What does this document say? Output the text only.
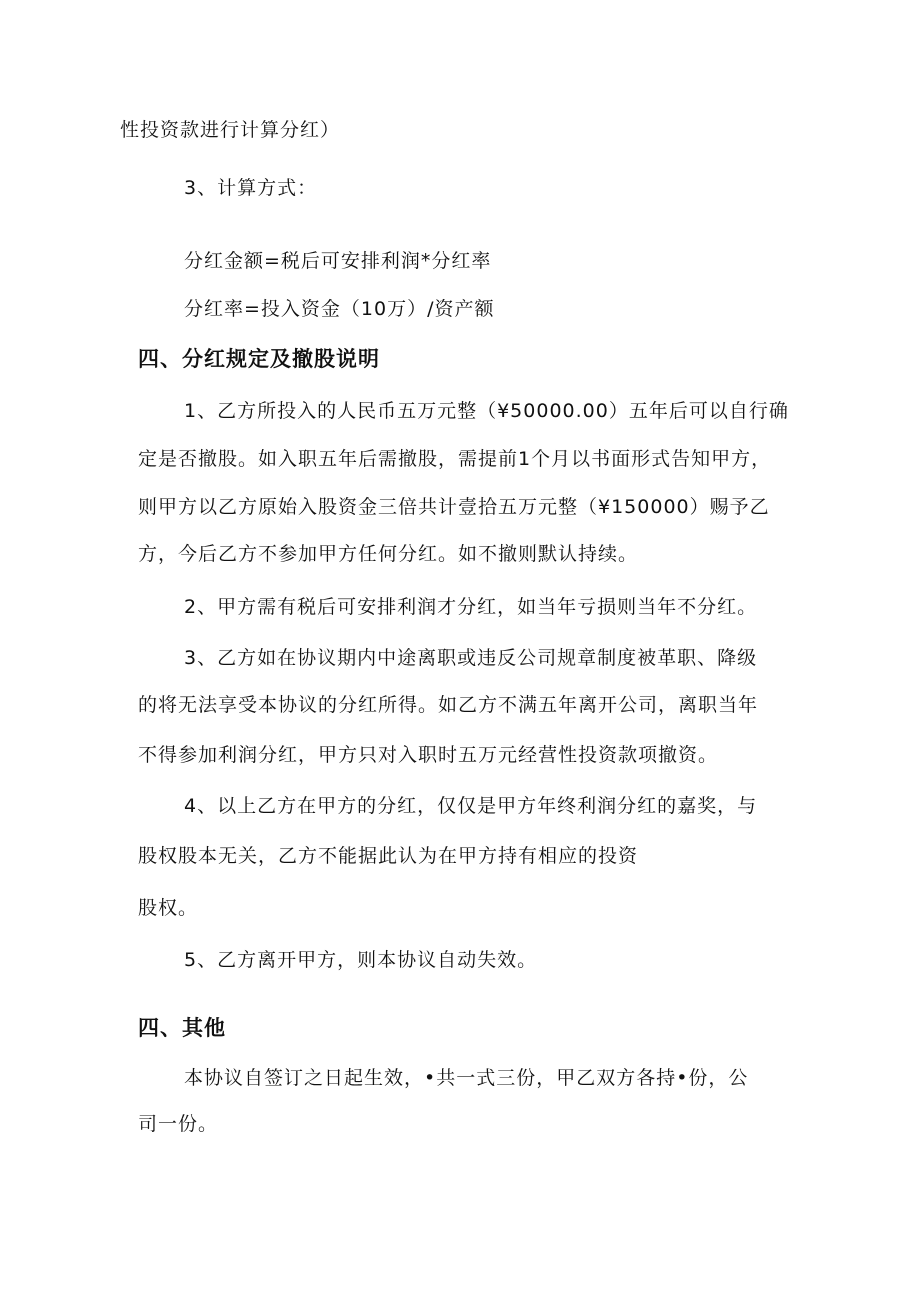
性投资款进行计算分红）
3、计算方式：
分红金额=税后可安排利润*分红率
分红率=投入资金（10万）/资产额
四、分红规定及撤股说明
1、乙方所投入的人民币五万元整（¥50000.00）五年后可以自行确
定是否撤股。如入职五年后需撤股，需提前1个月以书面形式告知甲方，
则甲方以乙方原始入股资金三倍共计壹拾五万元整（¥150000）赐予乙
方，今后乙方不参加甲方任何分红。如不撤则默认持续。
2、甲方需有税后可安排利润才分红，如当年亏损则当年不分红。
3、乙方如在协议期内中途离职或违反公司规章制度被革职、降级
的将无法享受本协议的分红所得。如乙方不满五年离开公司，离职当年
不得参加利润分红，甲方只对入职时五万元经营性投资款项撤资。
4、以上乙方在甲方的分红，仅仅是甲方年终利润分红的嘉奖，与
股权股本无关，乙方不能据此认为在甲方持有相应的投资
股权。
5、乙方离开甲方，则本协议自动失效。
四、其他
本协议自签订之日起生效，•共一式三份，甲乙双方各持•份，公
司一份。
